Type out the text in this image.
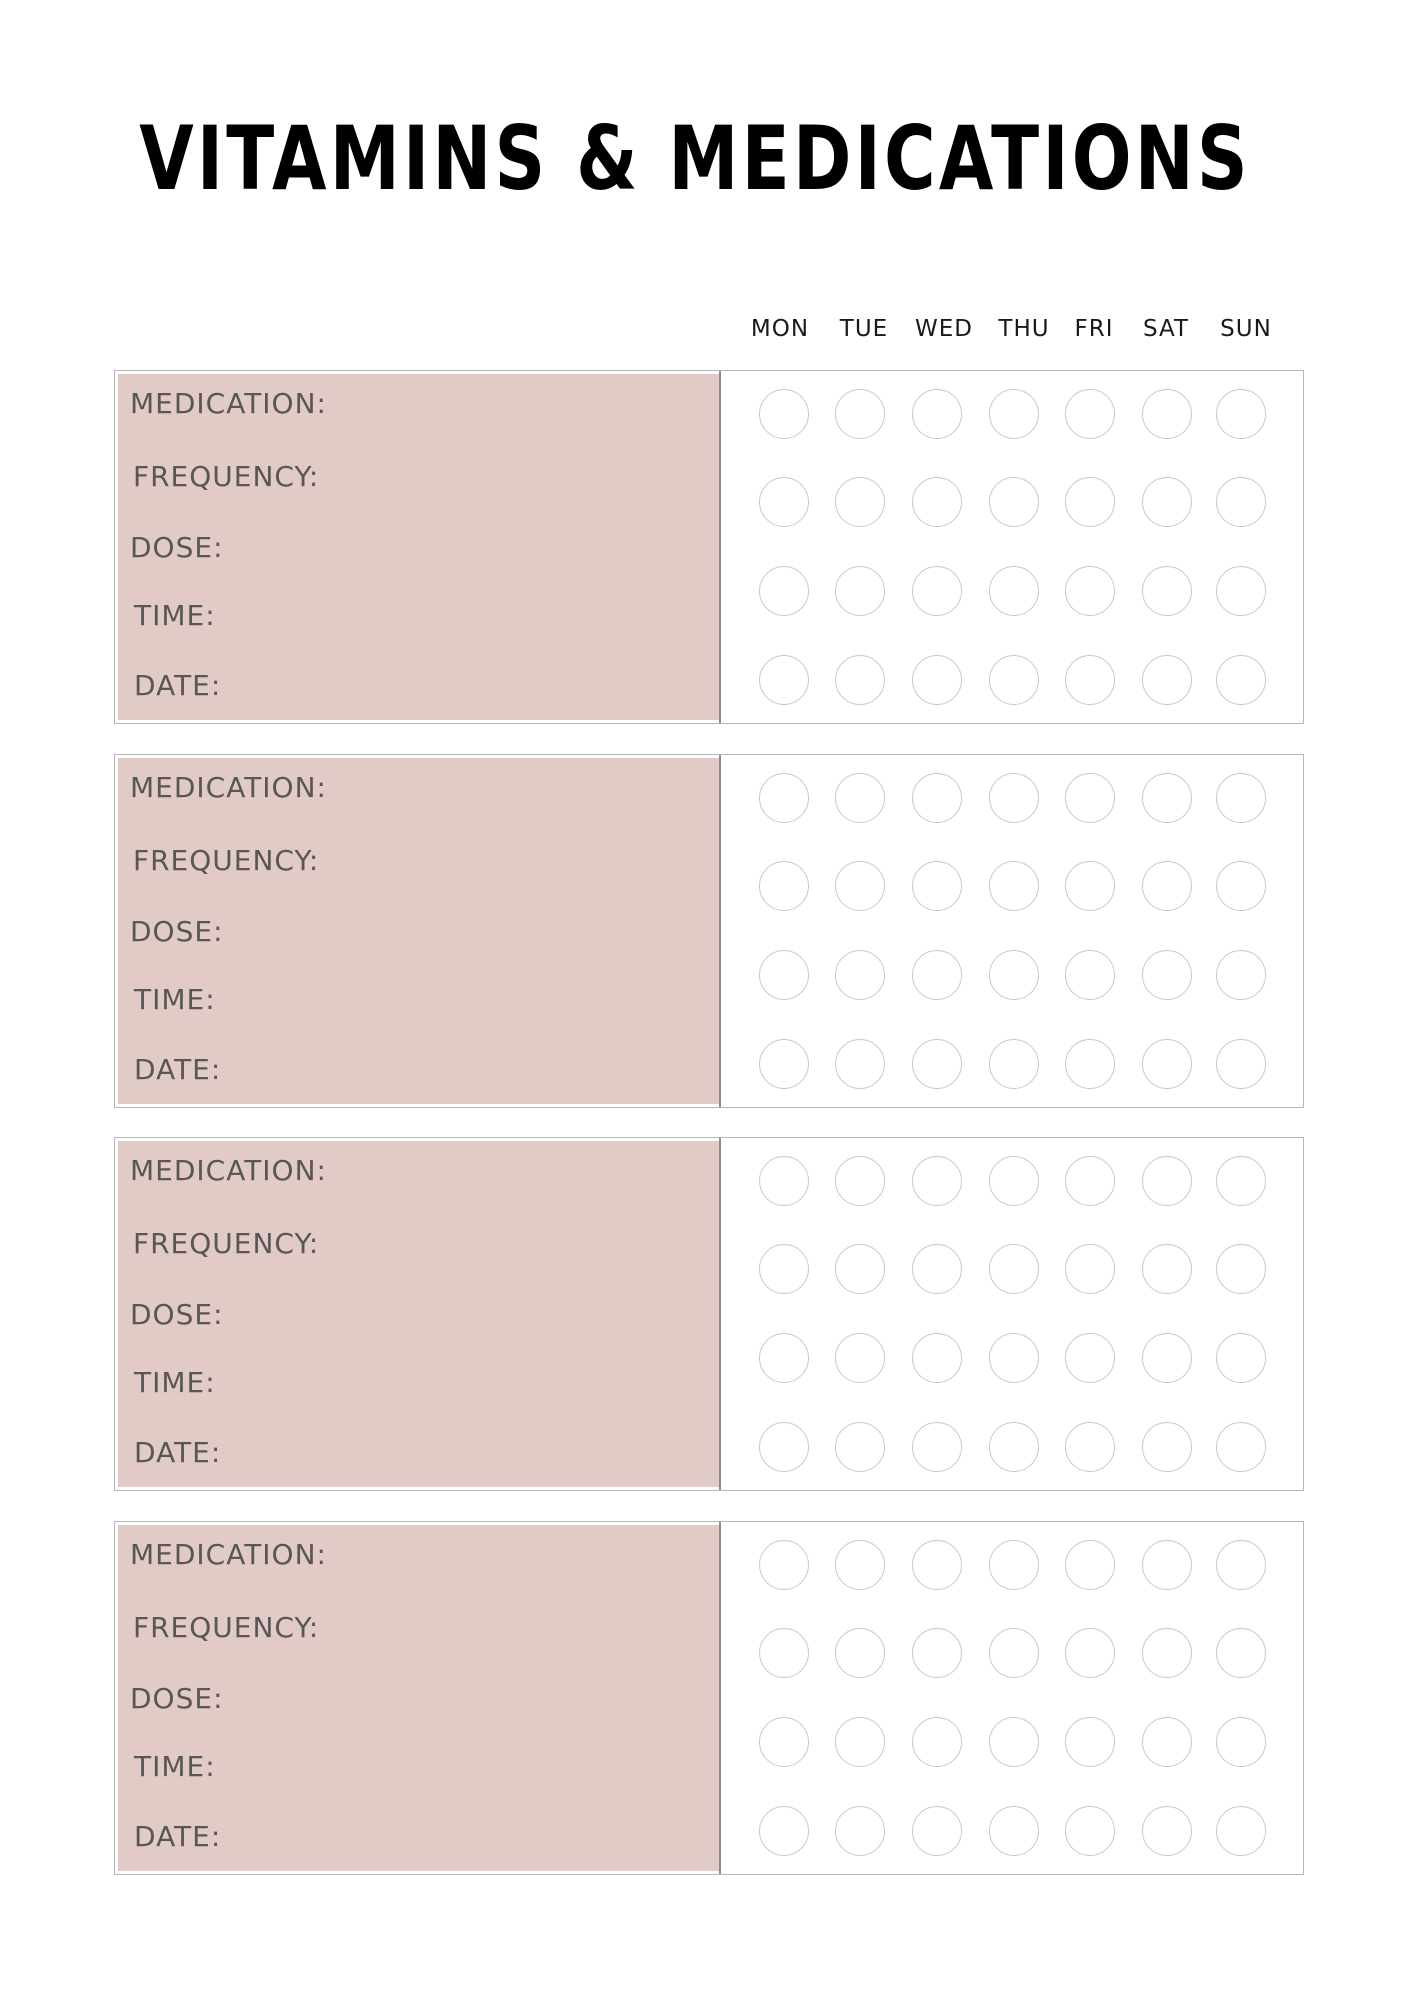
VITAMINS & MEDICATIONS
MON	TUE	WED	THU	FRI	SAT	SUN
MEDICATION:
FREQUENCY:
DOSE:
TIME:
DATE:
MEDICATION:
FREQUENCY:
DOSE:
TIME:
DATE:
MEDICATION:
FREQUENCY:
DOSE:
TIME:
DATE:
MEDICATION:
FREQUENCY:
DOSE:
TIME:
DATE:
